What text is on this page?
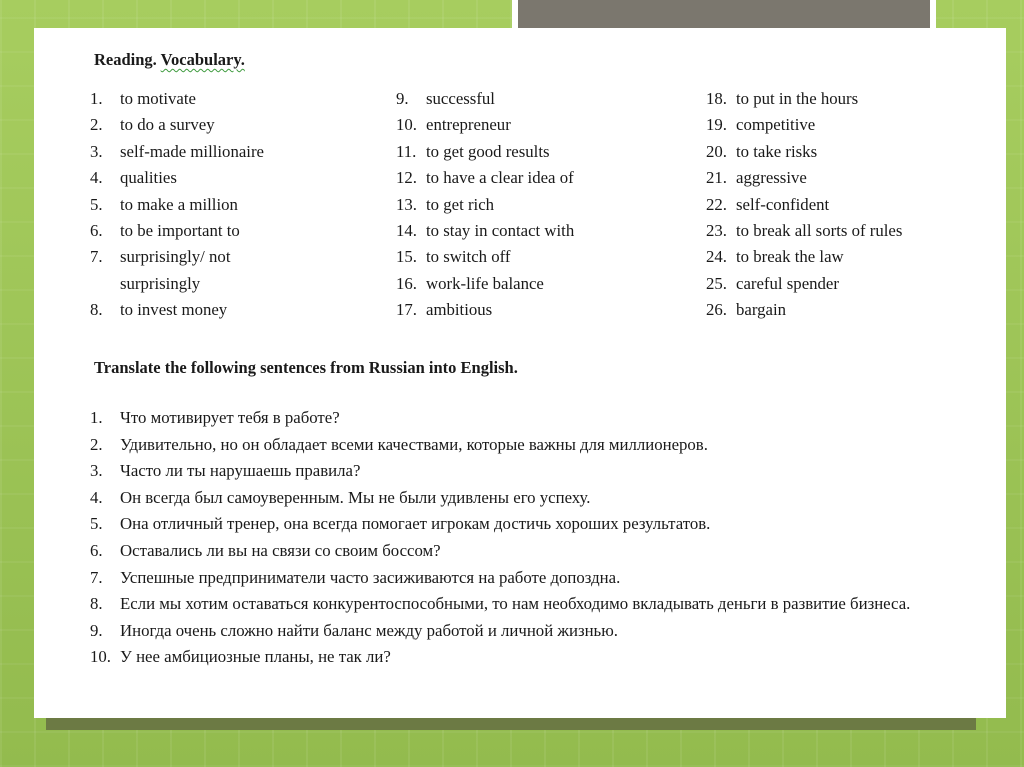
Reading. Vocabulary.
1.	to motivate
2.	to do a survey
3.	self-made millionaire
4.	qualities
5.	to make a million
6.	to be important to
7.	surprisingly/ not
surprisingly
8.	to invest money
9.	successful
10. entrepreneur
11. to get good results
12. to have a clear idea of
13. to get rich
14. to stay in contact with
15. to switch off
16. work-life balance
17. ambitious
18. to put in the hours
19. competitive
20. to take risks
21. aggressive
22. self-confident
23. to break all sorts of rules
24. to break the law
25. careful spender
26. bargain
Translate the following sentences from Russian into English.
1.	Что мотивирует тебя в работе?
2.	Удивительно, но он обладает всеми качествами, которые важны для миллионеров.
3.	Часто ли ты нарушаешь правила?
4.	Он всегда был самоуверенным. Мы не были удивлены его успеху.
5.	Она отличный тренер, она всегда помогает игрокам достичь хороших результатов.
6.	Оставались ли вы на связи со своим боссом?
7.	Успешные предприниматели часто засиживаются на работе допоздна.
8.	Если мы хотим оставаться конкурентоспособными, то нам необходимо вкладывать деньги в развитие бизнеса.
9.	Иногда очень сложно найти баланс между работой и личной жизнью.
10. У нее амбициозные планы, не так ли?
